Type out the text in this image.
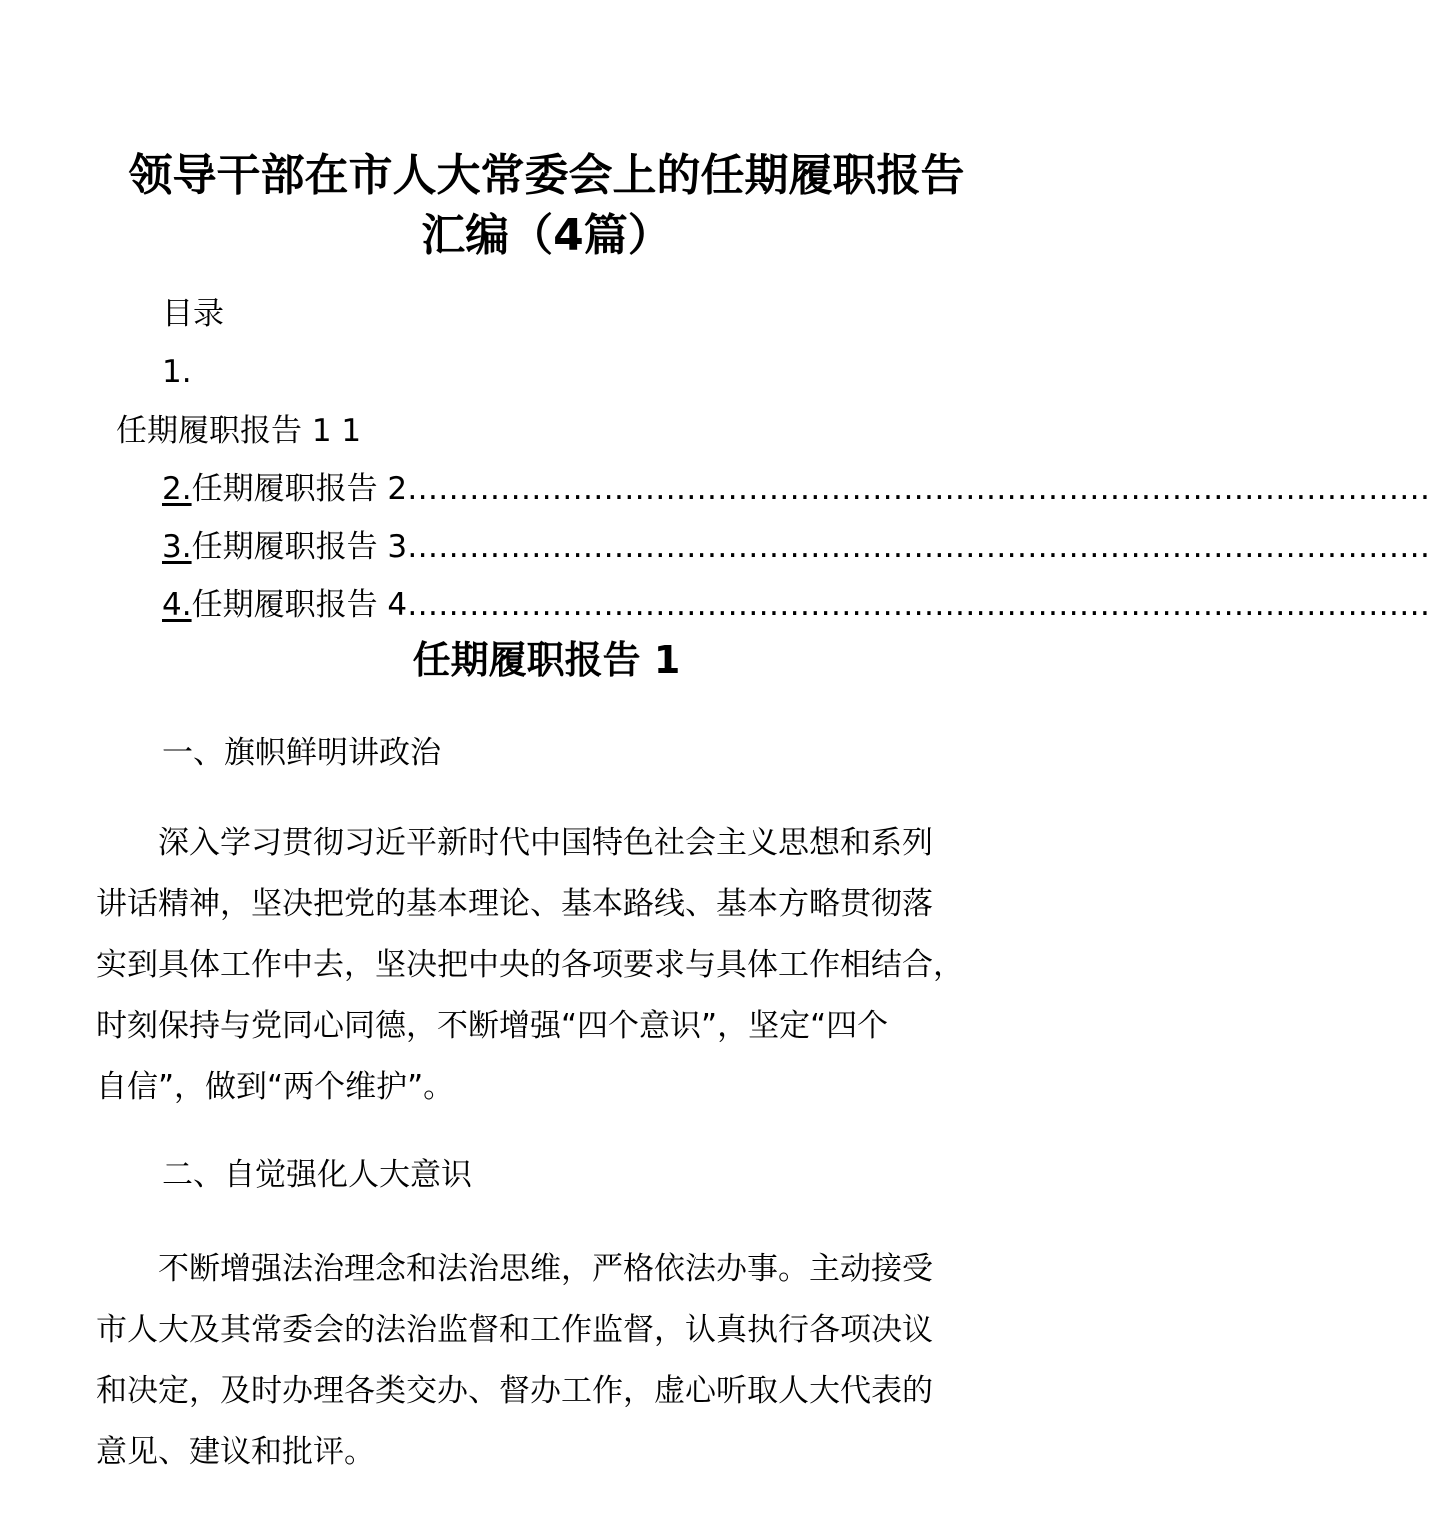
领导干部在市人大常委会上的任期履职报告
汇编（4篇）
目录
1.
任期履职报告 1 1
2.任期履职报告 2………………………………………………………………………………………
3.任期履职报告 3………………………………………………………………………………………
4.任期履职报告 4………………………………………………………………………………………
任期履职报告 1
一、旗帜鲜明讲政治
　　深入学习贯彻习近平新时代中国特色社会主义思想和系列
讲话精神，坚决把党的基本理论、基本路线、基本方略贯彻落
实到具体工作中去，坚决把中央的各项要求与具体工作相结合，
时刻保持与党同心同德，不断增强“四个意识”，坚定“四个
自信”，做到“两个维护”。
二、自觉强化人大意识
　　不断增强法治理念和法治思维，严格依法办事。主动接受
市人大及其常委会的法治监督和工作监督，认真执行各项决议
和决定，及时办理各类交办、督办工作，虚心听取人大代表的
意见、建议和批评。
